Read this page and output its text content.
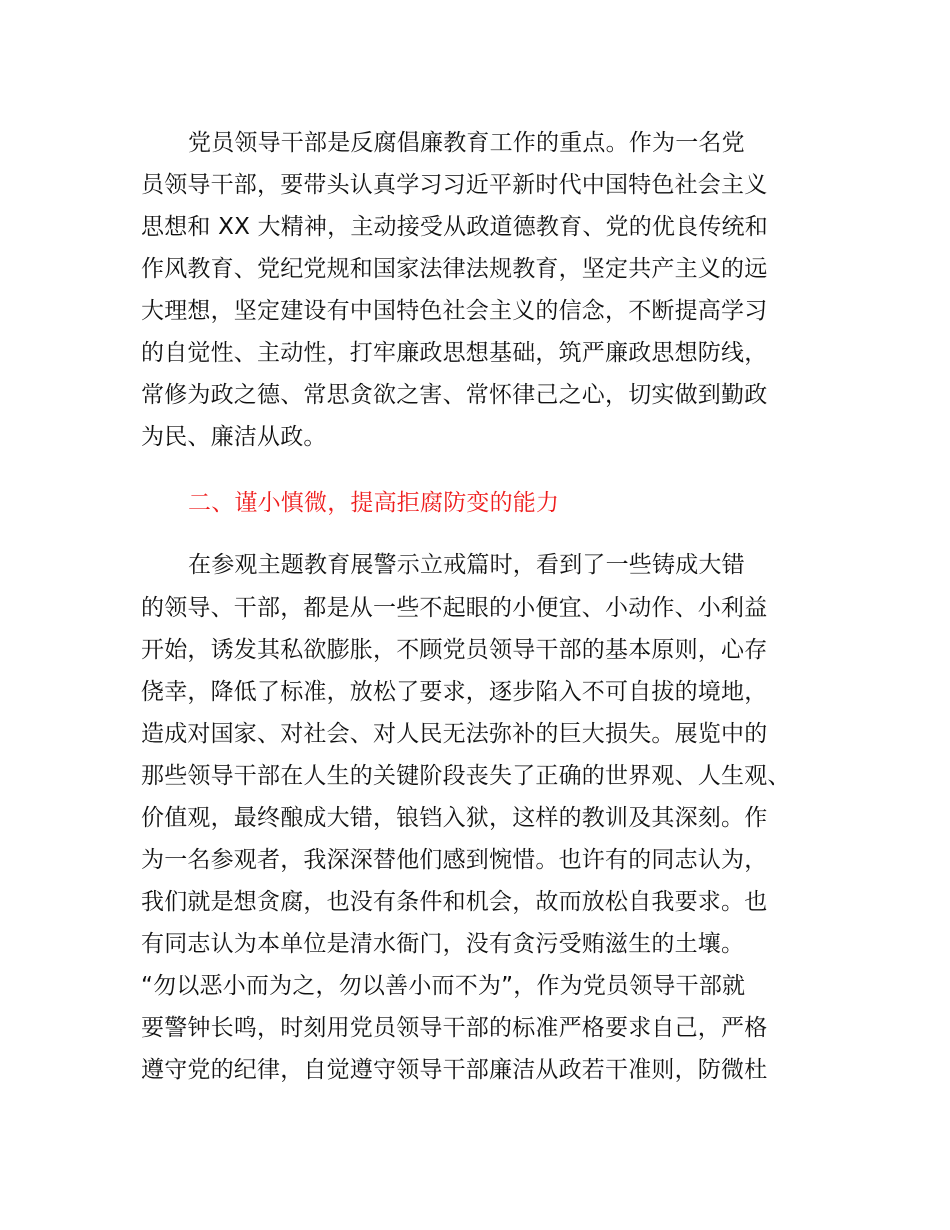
党员领导干部是反腐倡廉教育工作的重点。作为一名党

员领导干部，要带头认真学习习近平新时代中国特色社会主义

思想和 XX 大精神，主动接受从政道德教育、党的优良传统和

作风教育、党纪党规和国家法律法规教育，坚定共产主义的远

大理想，坚定建设有中国特色社会主义的信念，不断提高学习

的自觉性、主动性，打牢廉政思想基础，筑严廉政思想防线，

常修为政之德、常思贪欲之害、常怀律己之心，切实做到勤政

为民、廉洁从政。

二、谨小慎微，提高拒腐防变的能力

在参观主题教育展警示立戒篇时，看到了一些铸成大错

的领导、干部，都是从一些不起眼的小便宜、小动作、小利益

开始，诱发其私欲膨胀，不顾党员领导干部的基本原则，心存

侥幸，降低了标准，放松了要求，逐步陷入不可自拔的境地，

造成对国家、对社会、对人民无法弥补的巨大损失。展览中的

那些领导干部在人生的关键阶段丧失了正确的世界观、人生观、

价值观，最终酿成大错，锒铛入狱，这样的教训及其深刻。作

为一名参观者，我深深替他们感到惋惜。也许有的同志认为，

我们就是想贪腐，也没有条件和机会，故而放松自我要求。也

有同志认为本单位是清水衙门，没有贪污受贿滋生的土壤。

“勿以恶小而为之，勿以善小而不为”，作为党员领导干部就

要警钟长鸣，时刻用党员领导干部的标准严格要求自己，严格

遵守党的纪律，自觉遵守领导干部廉洁从政若干准则，防微杜
